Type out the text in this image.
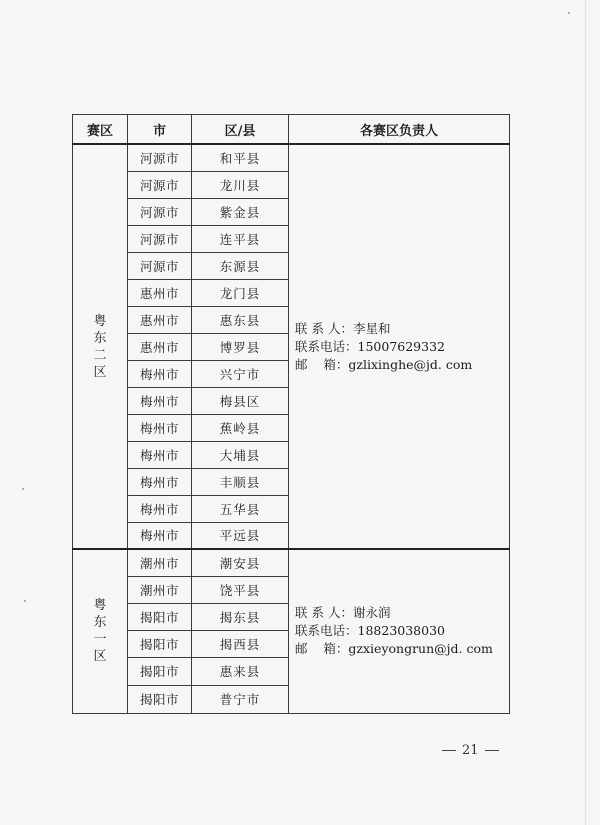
赛区	市	区/县	各赛区负责人
粤东二区	河源市	和平县	联 系 人：李星和
联系电话：15007629332
邮    箱：gzlixinghe@jd. com

	河源市	龙川县	
	河源市	紫金县	
	河源市	连平县	
	河源市	东源县	
	惠州市	龙门县	
	惠州市	惠东县	
	惠州市	博罗县	
	梅州市	兴宁市	
	梅州市	梅县区	
	梅州市	蕉岭县	
	梅州市	大埔县	
	梅州市	丰顺县	
	梅州市	五华县	
	梅州市	平远县	
粤东一区	潮州市	潮安县	联 系 人：谢永润
联系电话：18823038030
邮    箱：gzxieyongrun@jd. com

	潮州市	饶平县	
	揭阳市	揭东县	
	揭阳市	揭西县	
	揭阳市	惠来县	
	揭阳市	普宁市	
21
